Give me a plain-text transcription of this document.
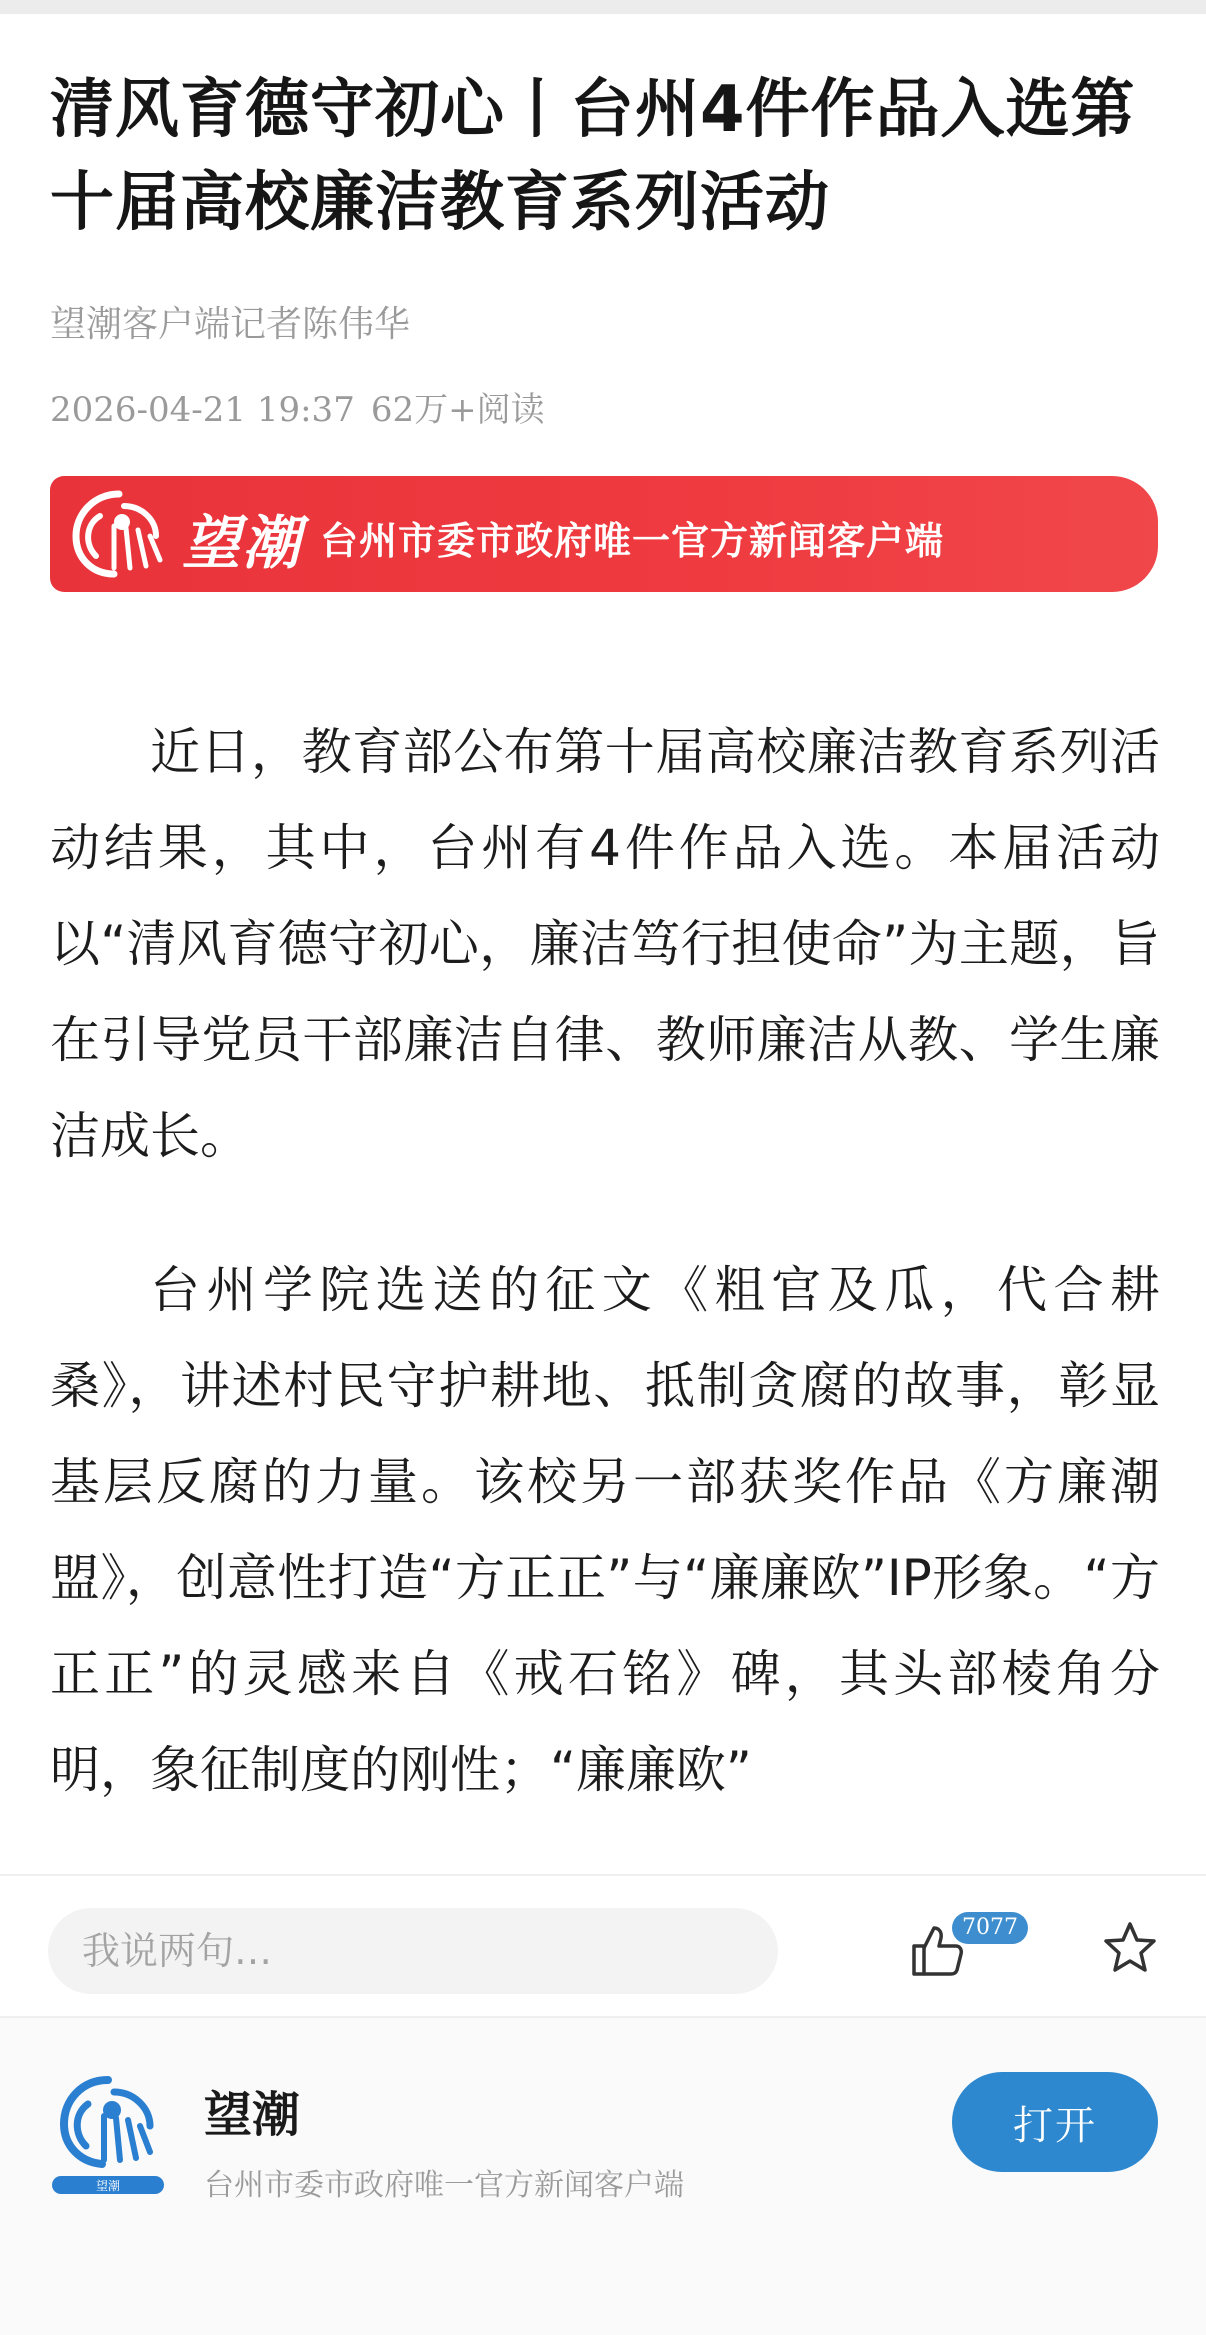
清风育德守初心丨台州4件作品入选第十届高校廉洁教育系列活动
望潮客户端记者陈伟华
2026-04-21 19:37 62万+阅读
望潮 台州市委市政府唯一官方新闻客户端

近日，教育部公布第十届高校廉洁教育系列活动结果，其中，台州有4件作品入选。本届活动以“清风育德守初心，廉洁笃行担使命”为主题，旨在引导党员干部廉洁自律、教师廉洁从教、学生廉洁成长。

台州学院选送的征文《粗官及瓜，代合耕桑》，讲述村民守护耕地、抵制贪腐的故事，彰显基层反腐的力量。该校另一部获奖作品《方廉潮盟》，创意性打造“方正正”与“廉廉欧”IP形象。“方正正”的灵感来自《戒石铭》碑，其头部棱角分明，象征制度的刚性；“廉廉欧”

我说两句…
7077
望潮
望潮
台州市委市政府唯一官方新闻客户端
打开
